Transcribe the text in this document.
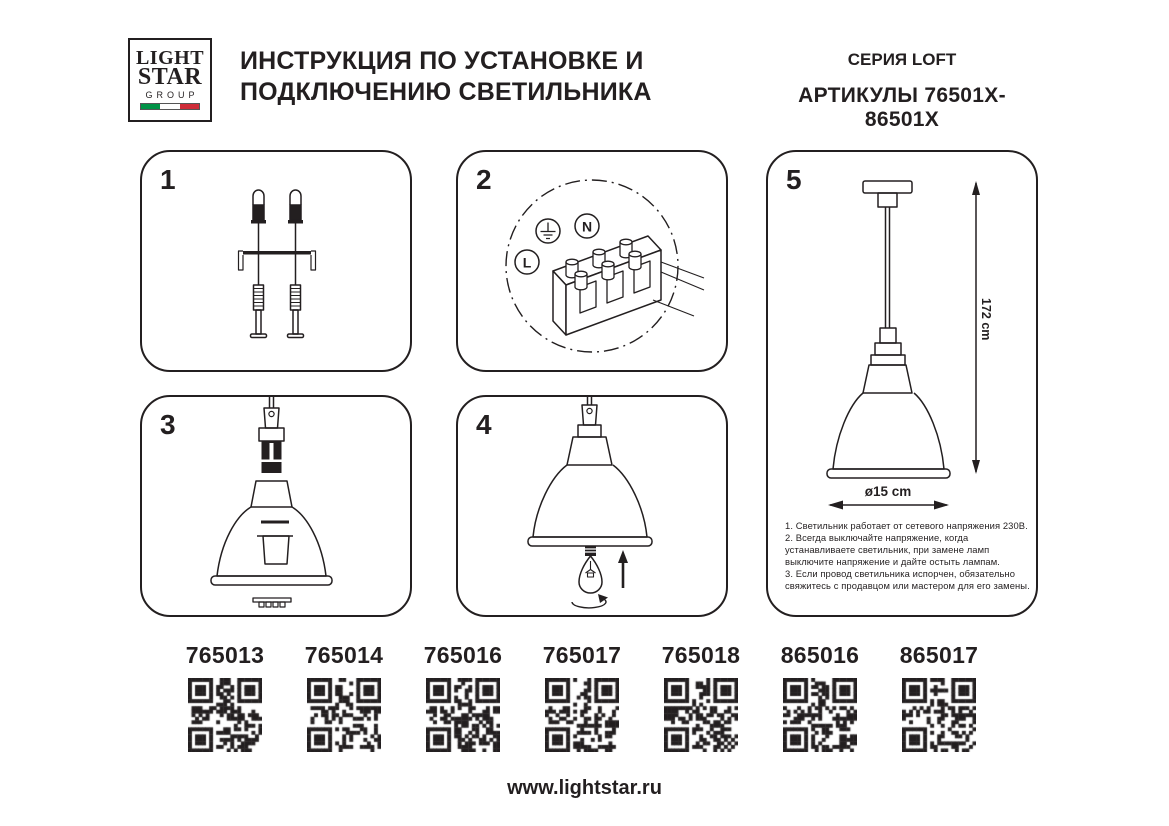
LIGHT
STAR
GROUP
ИНСТРУКЦИЯ ПО УСТАНОВКЕ И
ПОДКЛЮЧЕНИЮ СВЕТИЛЬНИКА
СЕРИЯ LOFT
АРТИКУЛЫ 76501X-86501X
1	2
N
L
3	4
5
172 cm
ø15 cm
1. Светильник работает от сетевого напряжения 230В.
2. Всегда выключайте напряжение, когда устанавливаете светильник, при замене ламп выключите напряжение и дайте остыть лампам.
3. Если провод светильника испорчен, обязательно свяжитесь с продавцом или мастером для его замены.
765013 765014 765016 765017 765018 865016 865017
www.lightstar.ru
